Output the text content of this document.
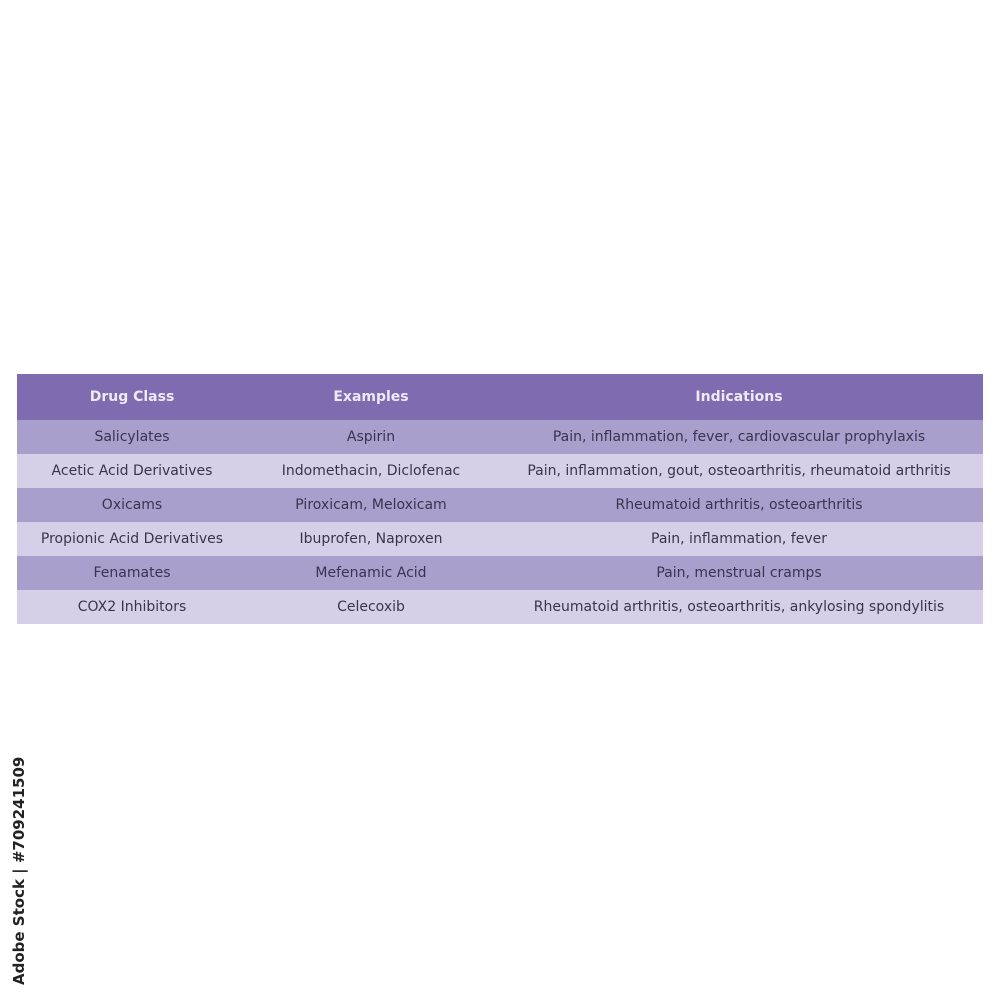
Drug Class	Examples	Indications
Salicylates	Aspirin	Pain, inflammation, fever, cardiovascular prophylaxis
Acetic Acid Derivatives	Indomethacin, Diclofenac	Pain, inflammation, gout, osteoarthritis, rheumatoid arthritis
Oxicams	Piroxicam, Meloxicam	Rheumatoid arthritis, osteoarthritis
Propionic Acid Derivatives	Ibuprofen, Naproxen	Pain, inflammation, fever
Fenamates	Mefenamic Acid	Pain, menstrual cramps
COX2 Inhibitors	Celecoxib	Rheumatoid arthritis, osteoarthritis, ankylosing spondylitis
Adobe Stock | #709241509
